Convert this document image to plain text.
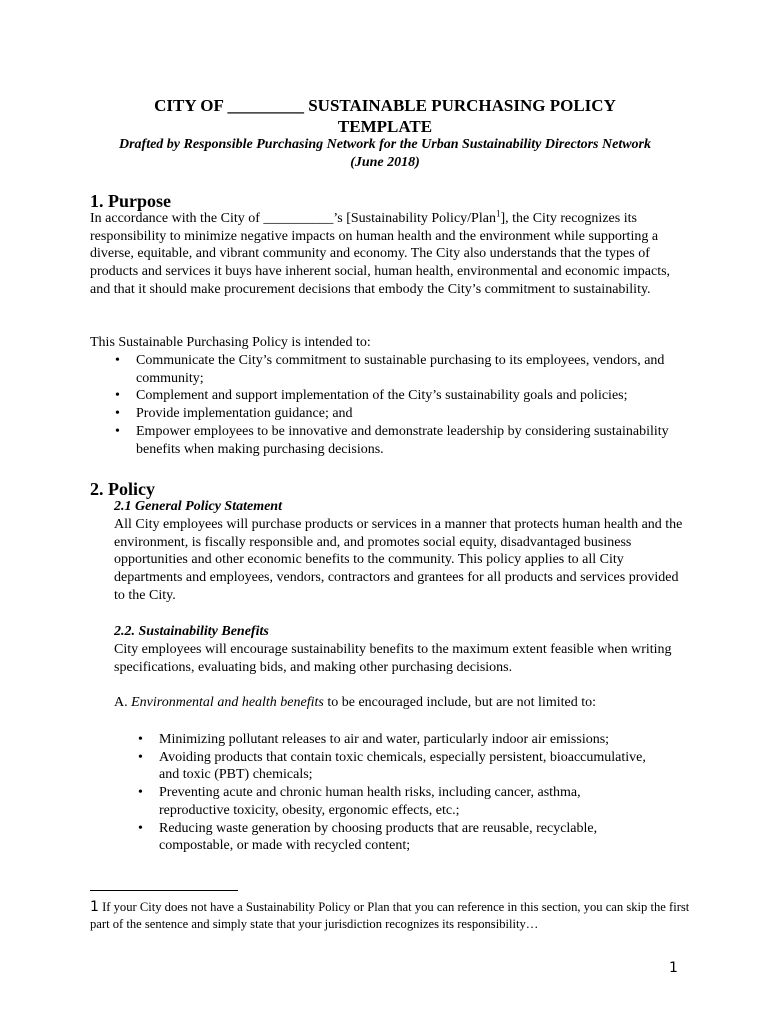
CITY OF _________ SUSTAINABLE PURCHASING POLICY
TEMPLATE
Drafted by Responsible Purchasing Network for the Urban Sustainability Directors Network
(June 2018)
1. Purpose
In accordance with the City of __________’s [Sustainability Policy/Plan$^1$], the City recognizes its responsibility to minimize negative impacts on human health and the environment while supporting a diverse, equitable, and vibrant community and economy. The City also understands that the types of products and services it buys have inherent social, human health, environmental and economic impacts, and that it should make procurement decisions that embody the City’s commitment to sustainability.
This Sustainable Purchasing Policy is intended to:
• Communicate the City’s commitment to sustainable purchasing to its employees, vendors, and community;
• Complement and support implementation of the City’s sustainability goals and policies;
• Provide implementation guidance; and
• Empower employees to be innovative and demonstrate leadership by considering sustainability benefits when making purchasing decisions.
2. Policy
2.1 General Policy Statement
All City employees will purchase products or services in a manner that protects human health and the environment, is fiscally responsible and, and promotes social equity, disadvantaged business opportunities and other economic benefits to the community. This policy applies to all City departments and employees, vendors, contractors and grantees for all products and services provided to the City.
2.2. Sustainability Benefits
City employees will encourage sustainability benefits to the maximum extent feasible when writing specifications, evaluating bids, and making other purchasing decisions.
A. Environmental and health benefits to be encouraged include, but are not limited to:
• Minimizing pollutant releases to air and water, particularly indoor air emissions;
• Avoiding products that contain toxic chemicals, especially persistent, bioaccumulative, and toxic (PBT) chemicals;
• Preventing acute and chronic human health risks, including cancer, asthma, reproductive toxicity, obesity, ergonomic effects, etc.;
• Reducing waste generation by choosing products that are reusable, recyclable, compostable, or made with recycled content;
1 If your City does not have a Sustainability Policy or Plan that you can reference in this section, you can skip the first part of the sentence and simply state that your jurisdiction recognizes its responsibility…
1
